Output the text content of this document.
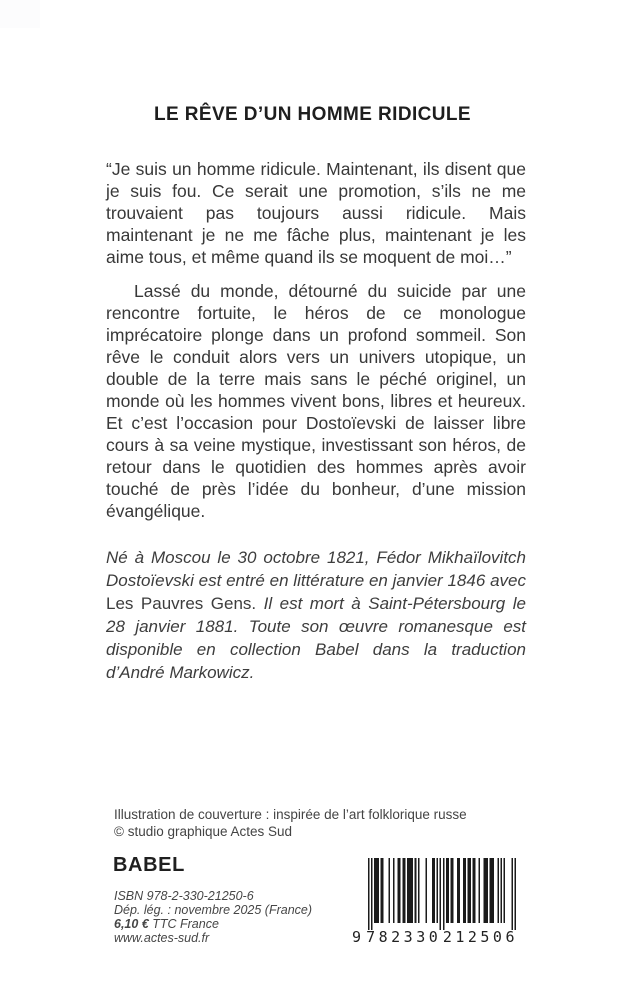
LE RÊVE D’UN HOMME RIDICULE

“Je suis un homme ridicule. Maintenant, ils disent que je suis fou. Ce serait une promotion, s’ils ne me trouvaient pas toujours aussi ridicule. Mais maintenant je ne me fâche plus, maintenant je les aime tous, et même quand ils se moquent de moi…”

Lassé du monde, détourné du suicide par une rencontre fortuite, le héros de ce monologue imprécatoire plonge dans un profond sommeil. Son rêve le conduit alors vers un univers utopique, un double de la terre mais sans le péché originel, un monde où les hommes vivent bons, libres et heureux. Et c’est l’occasion pour Dostoïevski de laisser libre cours à sa veine mystique, investissant son héros, de retour dans le quotidien des hommes après avoir touché de près l’idée du bonheur, d’une mission évangélique.

Né à Moscou le 30 octobre 1821, Fédor Mikhaïlovitch Dostoïevski est entré en littérature en janvier 1846 avec Les Pauvres Gens. Il est mort à Saint-Pétersbourg le 28 janvier 1881. Toute son œuvre romanesque est disponible en collection Babel dans la traduction d’André Markowicz.
Illustration de couverture : inspirée de l’art folklorique russe
© studio graphique Actes Sud
BABEL
ISBN 978-2-330-21250-6
Dép. lég. : novembre 2025 (France)
6,10 € TTC France
www.actes-sud.fr	9 782330 212506
